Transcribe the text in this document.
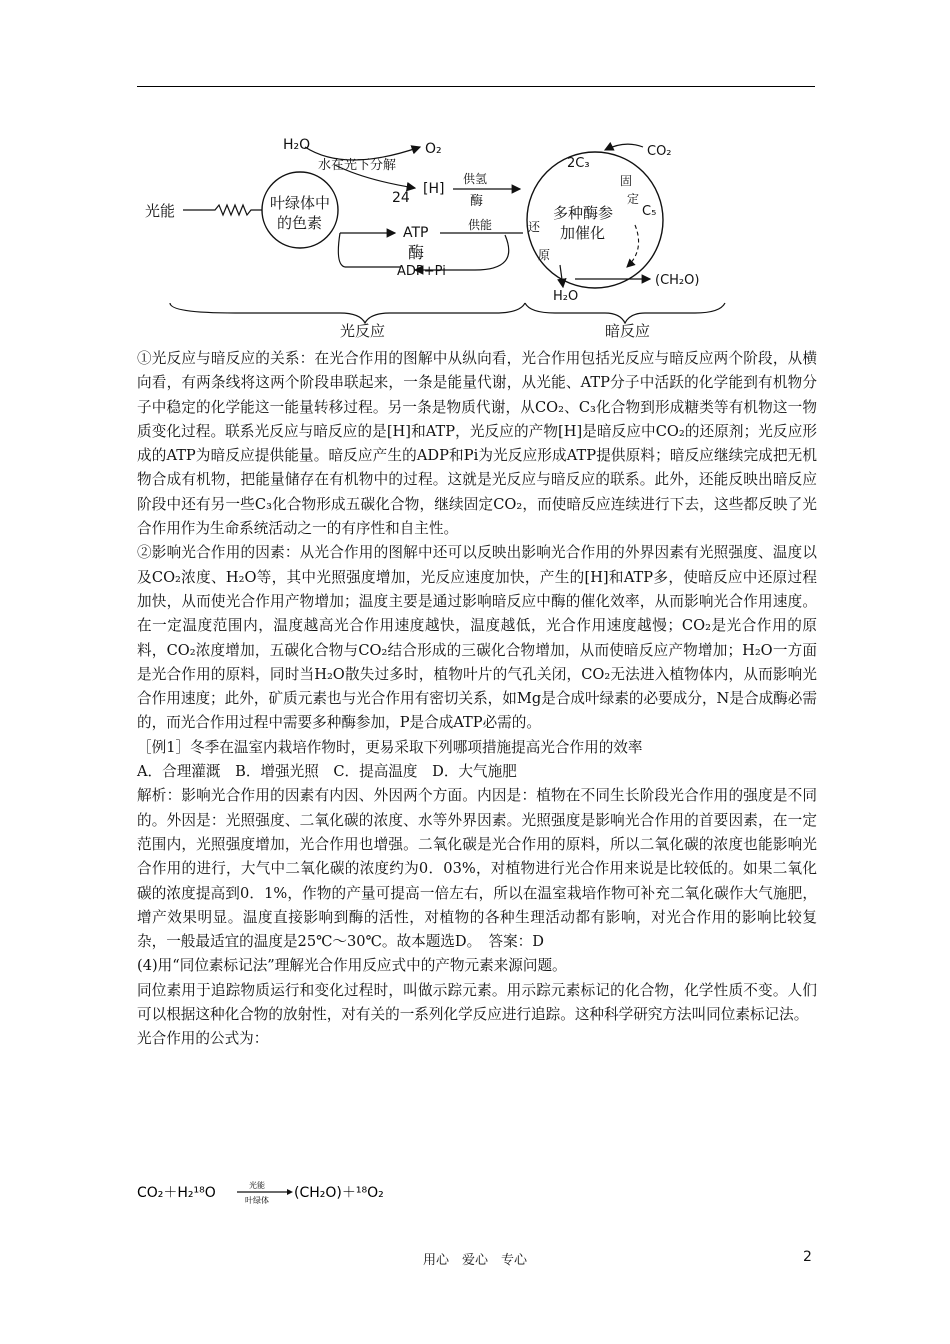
H₂O	O₂
水在光下分解
光能	叶绿体中
的色素
24
[H]
供氢
酶
ATP	供能
酶
ADP+Pi
2C₃
CO₂
固
定
C₅
还
原
多种酶参
加催化
H₂O
(CH₂O)
光反应	暗反应

①光反应与暗反应的关系：在光合作用的图解中从纵向看，光合作用包括光反应与暗反应两个阶段，从横向看，有两条线将这两个阶段串联起来，一条是能量代谢，从光能、ATP分子中活跃的化学能到有机物分子中稳定的化学能这一能量转移过程。另一条是物质代谢，从CO₂、C₃化合物到形成糖类等有机物这一物质变化过程。联系光反应与暗反应的是[H]和ATP，光反应的产物[H]是暗反应中CO₂的还原剂；光反应形成的ATP为暗反应提供能量。暗反应产生的ADP和Pi为光反应形成ATP提供原料；暗反应继续完成把无机物合成有机物，把能量储存在有机物中的过程。这就是光反应与暗反应的联系。此外，还能反映出暗反应阶段中还有另一些C₃化合物形成五碳化合物，继续固定CO₂，而使暗反应连续进行下去，这些都反映了光合作用作为生命系统活动之一的有序性和自主性。

②影响光合作用的因素：从光合作用的图解中还可以反映出影响光合作用的外界因素有光照强度、温度以及CO₂浓度、H₂O等，其中光照强度增加，光反应速度加快，产生的[H]和ATP多，使暗反应中还原过程加快，从而使光合作用产物增加；温度主要是通过影响暗反应中酶的催化效率，从而影响光合作用速度。在一定温度范围内，温度越高光合作用速度越快，温度越低，光合作用速度越慢；CO₂是光合作用的原料，CO₂浓度增加，五碳化合物与CO₂结合形成的三碳化合物增加，从而使暗反应产物增加；H₂O一方面是光合作用的原料，同时当H₂O散失过多时，植物叶片的气孔关闭，CO₂无法进入植物体内，从而影响光合作用速度；此外，矿质元素也与光合作用有密切关系，如Mg是合成叶绿素的必要成分，N是合成酶必需的，而光合作用过程中需要多种酶参加，P是合成ATP必需的。

［例1］冬季在温室内栽培作物时，更易采取下列哪项措施提高光合作用的效率

A．合理灌溉　B．增强光照　C．提高温度　D．大气施肥

解析：影响光合作用的因素有内因、外因两个方面。内因是：植物在不同生长阶段光合作用的强度是不同的。外因是：光照强度、二氧化碳的浓度、水等外界因素。光照强度是影响光合作用的首要因素，在一定范围内，光照强度增加，光合作用也增强。二氧化碳是光合作用的原料，所以二氧化碳的浓度也能影响光合作用的进行，大气中二氧化碳的浓度约为0．03%，对植物进行光合作用来说是比较低的。如果二氧化碳的浓度提高到0．1%，作物的产量可提高一倍左右，所以在温室栽培作物可补充二氧化碳作大气施肥，增产效果明显。温度直接影响到酶的活性，对植物的各种生理活动都有影响，对光合作用的影响比较复杂，一般最适宜的温度是25℃～30℃。故本题选D。　答案：D

(4)用“同位素标记法”理解光合作用反应式中的产物元素来源问题。

同位素用于追踪物质运行和变化过程时，叫做示踪元素。用示踪元素标记的化合物，化学性质不变。人们可以根据这种化合物的放射性，对有关的一系列化学反应进行追踪。这种科学研究方法叫同位素标记法。

光合作用的公式为：

CO₂＋H₂¹⁸O	光能
叶绿体 (CH₂O)＋¹⁸O₂
用心　爱心　专心	2
